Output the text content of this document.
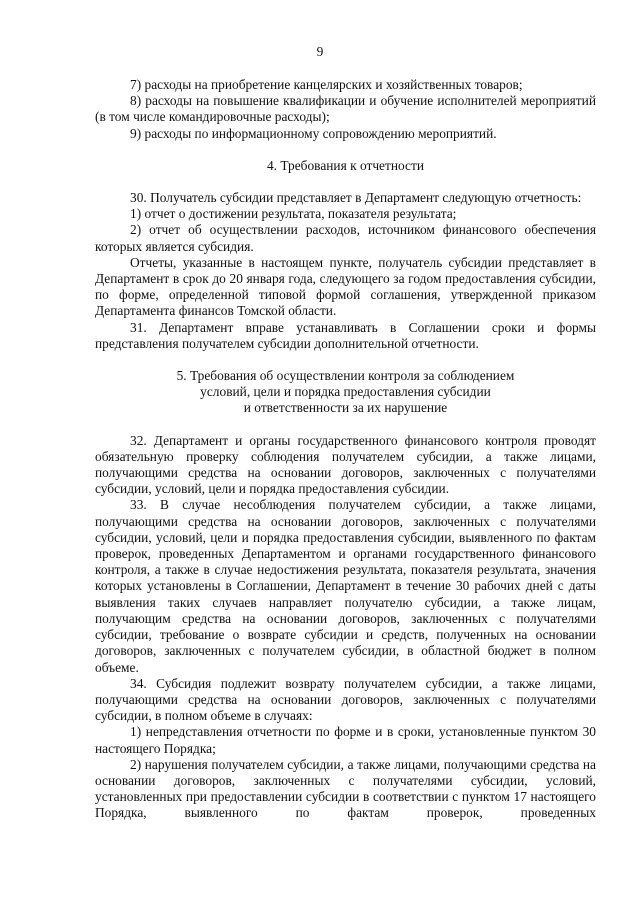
9

7) расходы на приобретение канцелярских и хозяйственных товаров;

8) расходы на повышение квалификации и обучение исполнителей мероприятий (в том числе командировочные расходы);

9) расходы по информационному сопровождению мероприятий.

4. Требования к отчетности

30. Получатель субсидии представляет в Департамент следующую отчетность:

1) отчет о достижении результата, показателя результата;

2) отчет об осуществлении расходов, источником финансового обеспечения которых является субсидия.

Отчеты, указанные в настоящем пункте, получатель субсидии представляет в Департамент в срок до 20 января года, следующего за годом предоставления субсидии, по форме, определенной типовой формой соглашения, утвержденной приказом Департамента финансов Томской области.

31. Департамент вправе устанавливать в Соглашении сроки и формы представления получателем субсидии дополнительной отчетности.

5. Требования об осуществлении контроля за соблюдением
условий, цели и порядка предоставления субсидии
и ответственности за их нарушение

32. Департамент и органы государственного финансового контроля проводят обязательную проверку соблюдения получателем субсидии, а также лицами, получающими средства на основании договоров, заключенных с получателями субсидии, условий, цели и порядка предоставления субсидии.

33. В случае несоблюдения получателем субсидии, а также лицами, получающими средства на основании договоров, заключенных с получателями субсидии, условий, цели и порядка предоставления субсидии, выявленного по фактам проверок, проведенных Департаментом и органами государственного финансового контроля, а также в случае недостижения результата, показателя результата, значения которых установлены в Соглашении, Департамент в течение 30 рабочих дней с даты выявления таких случаев направляет получателю субсидии, а также лицам, получающим средства на основании договоров, заключенных с получателями субсидии, требование о возврате субсидии и средств, полученных на основании договоров, заключенных с получателем субсидии, в областной бюджет в полном объеме.

34. Субсидия подлежит возврату получателем субсидии, а также лицами, получающими средства на основании договоров, заключенных с получателями субсидии, в полном объеме в случаях:

1) непредставления отчетности по форме и в сроки, установленные пунктом 30 настоящего Порядка;

2) нарушения получателем субсидии, а также лицами, получающими средства на основании договоров, заключенных с получателями субсидии, условий, установленных при предоставлении субсидии в соответствии с пунктом 17 настоящего Порядка, выявленного по фактам проверок, проведенных
